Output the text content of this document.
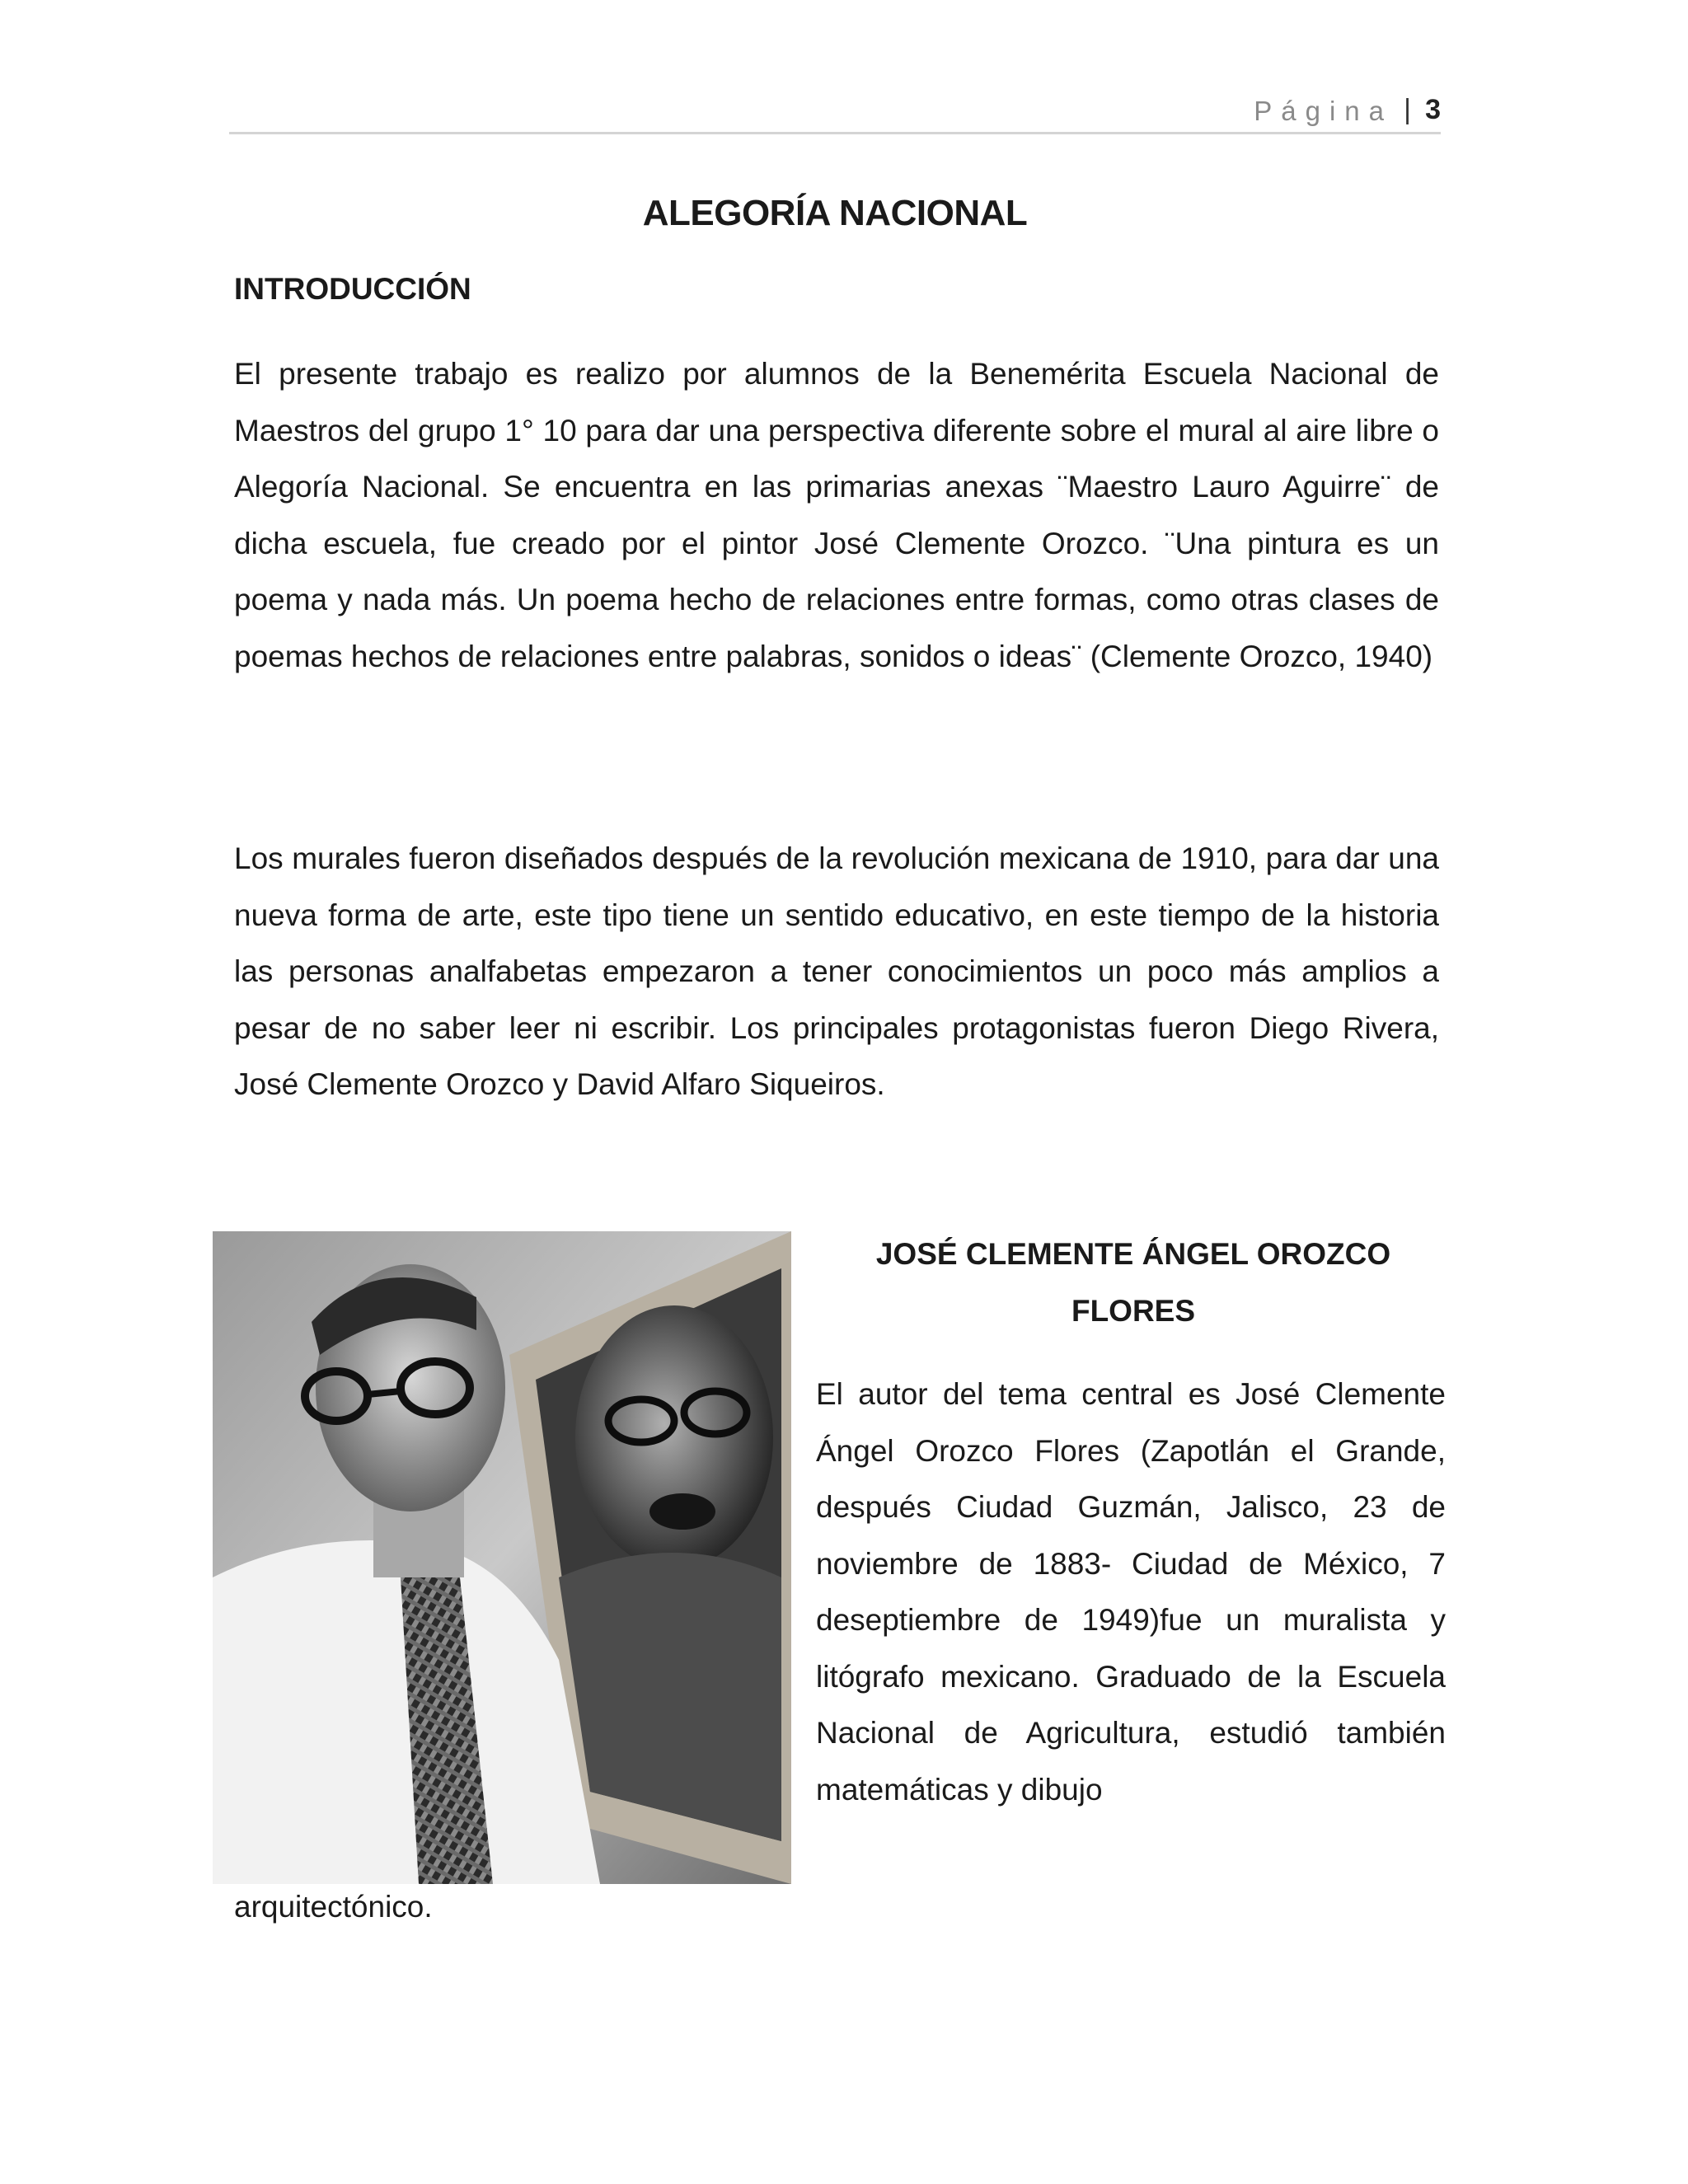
Página | 3
ALEGORÍA NACIONAL
INTRODUCCIÓN

El presente trabajo es realizo por alumnos de la Benemérita Escuela Nacional de Maestros del grupo 1° 10 para dar una perspectiva diferente sobre el mural al aire libre o Alegoría Nacional. Se encuentra en las primarias anexas ¨Maestro Lauro Aguirre¨ de dicha escuela, fue creado por el pintor José Clemente Orozco. ¨Una pintura es un poema y nada más. Un poema hecho de relaciones entre formas, como otras clases de poemas hechos de relaciones entre palabras, sonidos o ideas¨ (Clemente Orozco, 1940)

Los murales fueron diseñados después de la revolución mexicana de 1910, para dar una nueva forma de arte, este tipo tiene un sentido educativo, en este tiempo de la historia las personas analfabetas empezaron a tener conocimientos un poco más amplios a pesar de no saber leer ni escribir. Los principales protagonistas fueron Diego Rivera, José Clemente Orozco y David Alfaro Siqueiros.

JOSÉ CLEMENTE ÁNGEL OROZCO FLORES

El autor del tema central es José Clemente Ángel Orozco Flores (Zapotlán el Grande, después Ciudad Guzmán, Jalisco, 23 de noviembre de 1883- Ciudad de México, 7 deseptiembre de 1949)fue un muralista y litógrafo mexicano. Graduado de la Escuela Nacional de Agricultura, estudió también matemáticas y dibujo

arquitectónico.
